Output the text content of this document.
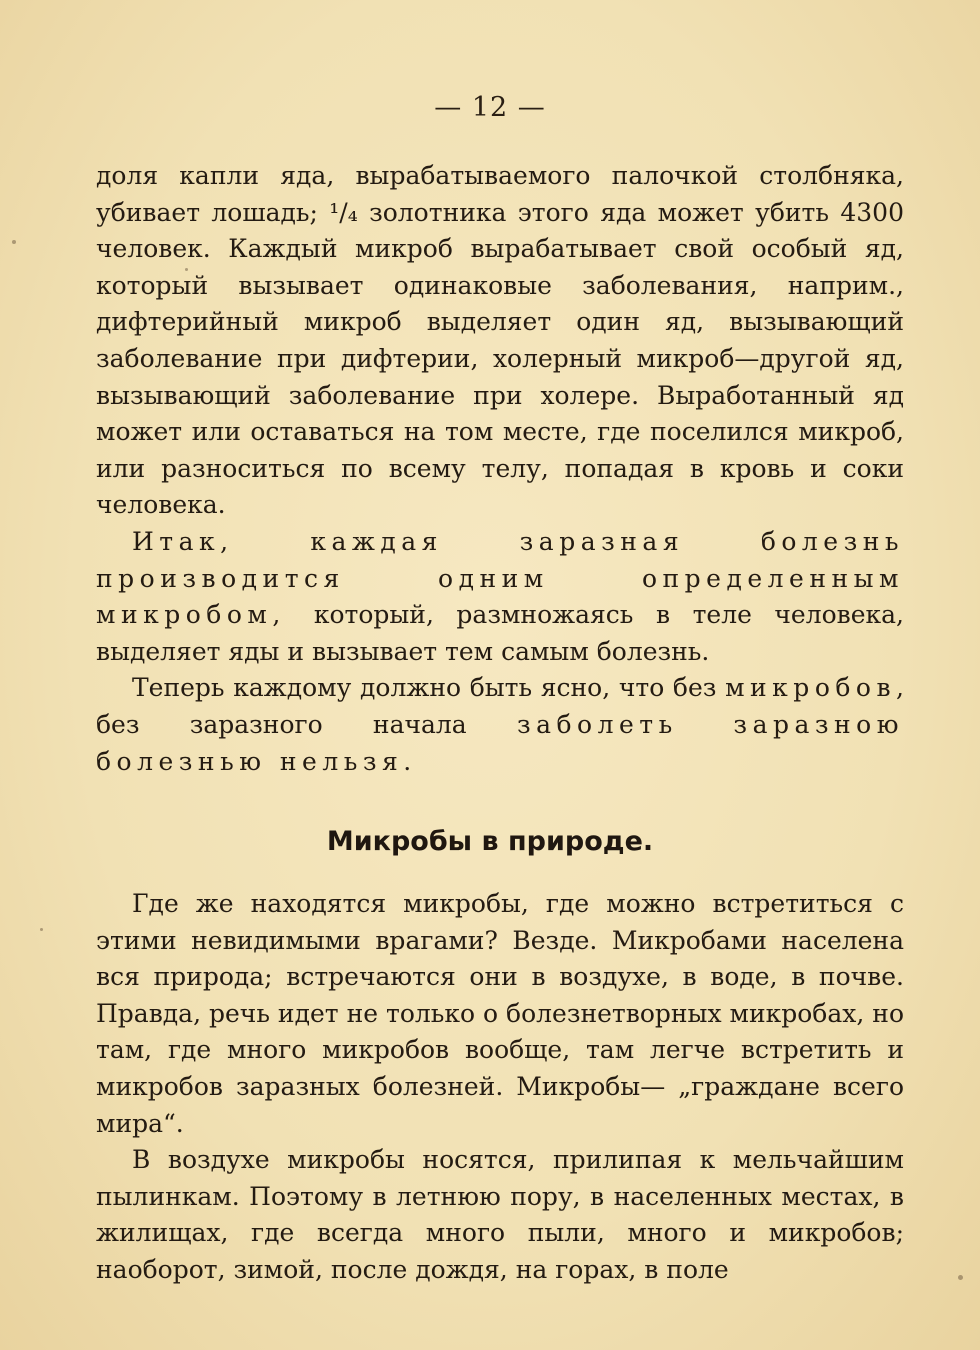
— 12 —

доля капли яда, вырабатываемого палочкой столбняка, убивает лошадь; ¹/₄ золотника этого яда может убить 4300 человек. Каждый микроб вырабатывает свой особый яд, который вызывает одинаковые заболевания, наприм., дифтерийный микроб выделяет один яд, вызывающий заболевание при дифтерии, холерный микроб—другой яд, вызывающий заболевание при холере. Выработанный яд может или оставаться на том месте, где поселился микроб, или разноситься по всему телу, попадая в кровь и соки человека.

Итак, каждая заразная болезнь производится одним определенным микробом, который, размножаясь в теле человека, выделяет яды и вызывает тем самым болезнь.

Теперь каждому должно быть ясно, что без микробов, без заразного начала заболеть заразною болезнью нельзя.

Микробы в природе.

Где же находятся микробы, где можно встретиться с этими невидимыми врагами? Везде. Микробами населена вся природа; встречаются они в воздухе, в воде, в почве. Правда, речь идет не только о болезнетворных микробах, но там, где много микробов вообще, там легче встретить и микробов заразных болезней. Микробы— „граждане всего мира“.

В воздухе микробы носятся, прилипая к мельчайшим пылинкам. Поэтому в летнюю пору, в населенных местах, в жилищах, где всегда много пыли, много и микробов; наоборот, зимой, после дождя, на горах, в поле
